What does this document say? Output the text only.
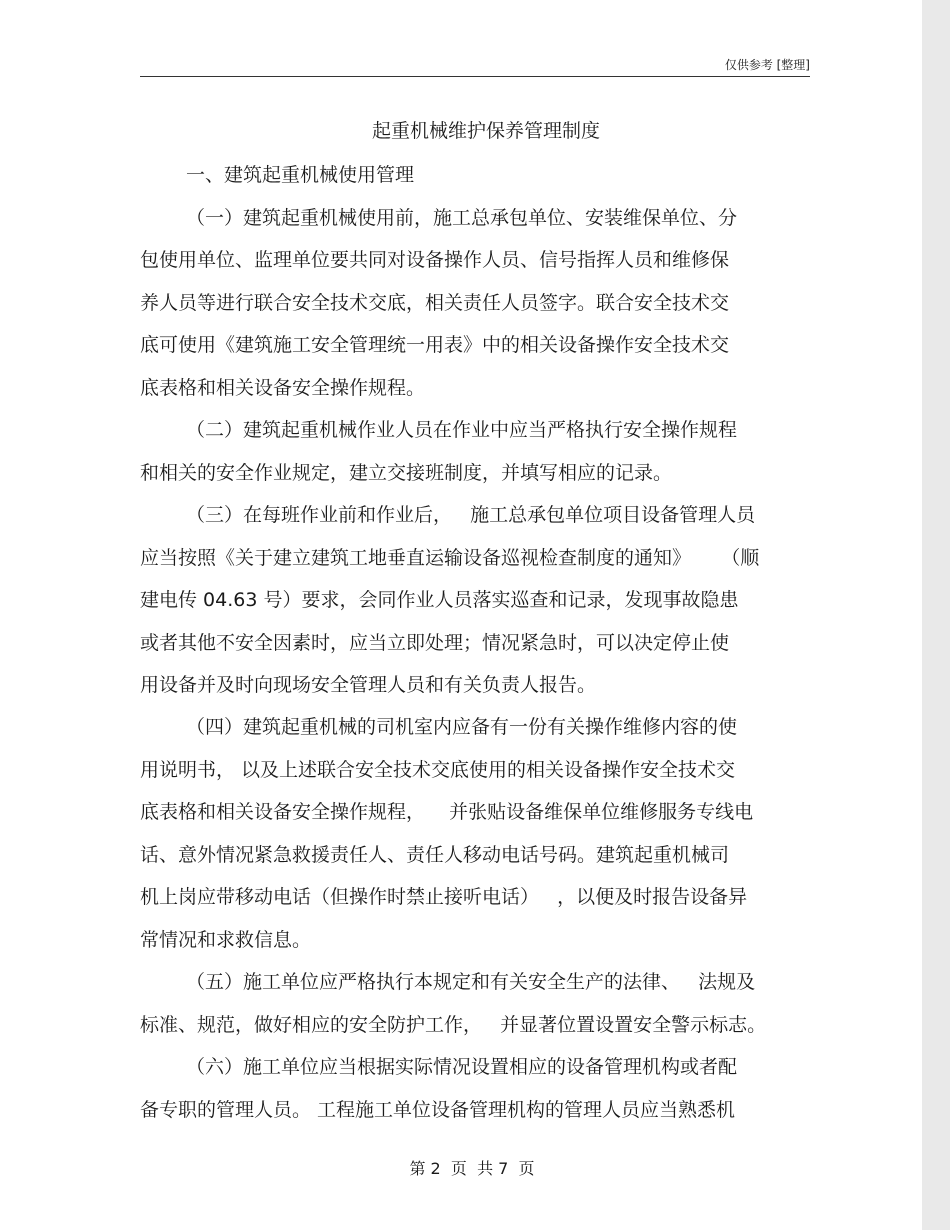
仅供参考 [整理]
起重机械维护保养管理制度
一、建筑起重机械使用管理
（一）建筑起重机械使用前，施工总承包单位、安装维保单位、分
包使用单位、监理单位要共同对设备操作人员、信号指挥人员和维修保
养人员等进行联合安全技术交底，相关责任人员签字。联合安全技术交
底可使用《建筑施工安全管理统一用表》中的相关设备操作安全技术交
底表格和相关设备安全操作规程。
（二）建筑起重机械作业人员在作业中应当严格执行安全操作规程
和相关的安全作业规定，建立交接班制度，并填写相应的记录。
（三）在每班作业前和作业后，   施工总承包单位项目设备管理人员
应当按照《关于建立建筑工地垂直运输设备巡视检查制度的通知》     （顺
建电传 04.63 号）要求，会同作业人员落实巡查和记录，发现事故隐患
或者其他不安全因素时，应当立即处理；情况紧急时，可以决定停止使
用设备并及时向现场安全管理人员和有关负责人报告。
（四）建筑起重机械的司机室内应备有一份有关操作维修内容的使
用说明书， 以及上述联合安全技术交底使用的相关设备操作安全技术交
底表格和相关设备安全操作规程，    并张贴设备维保单位维修服务专线电
话、意外情况紧急救援责任人、责任人移动电话号码。建筑起重机械司
机上岗应带移动电话（但操作时禁止接听电话）   ，以便及时报告设备异
常情况和求救信息。
（五）施工单位应严格执行本规定和有关安全生产的法律、   法规及
标准、规范，做好相应的安全防护工作，   并显著位置设置安全警示标志。
（六）施工单位应当根据实际情况设置相应的设备管理机构或者配
备专职的管理人员。 工程施工单位设备管理机构的管理人员应当熟悉机
第 2  页  共 7  页
